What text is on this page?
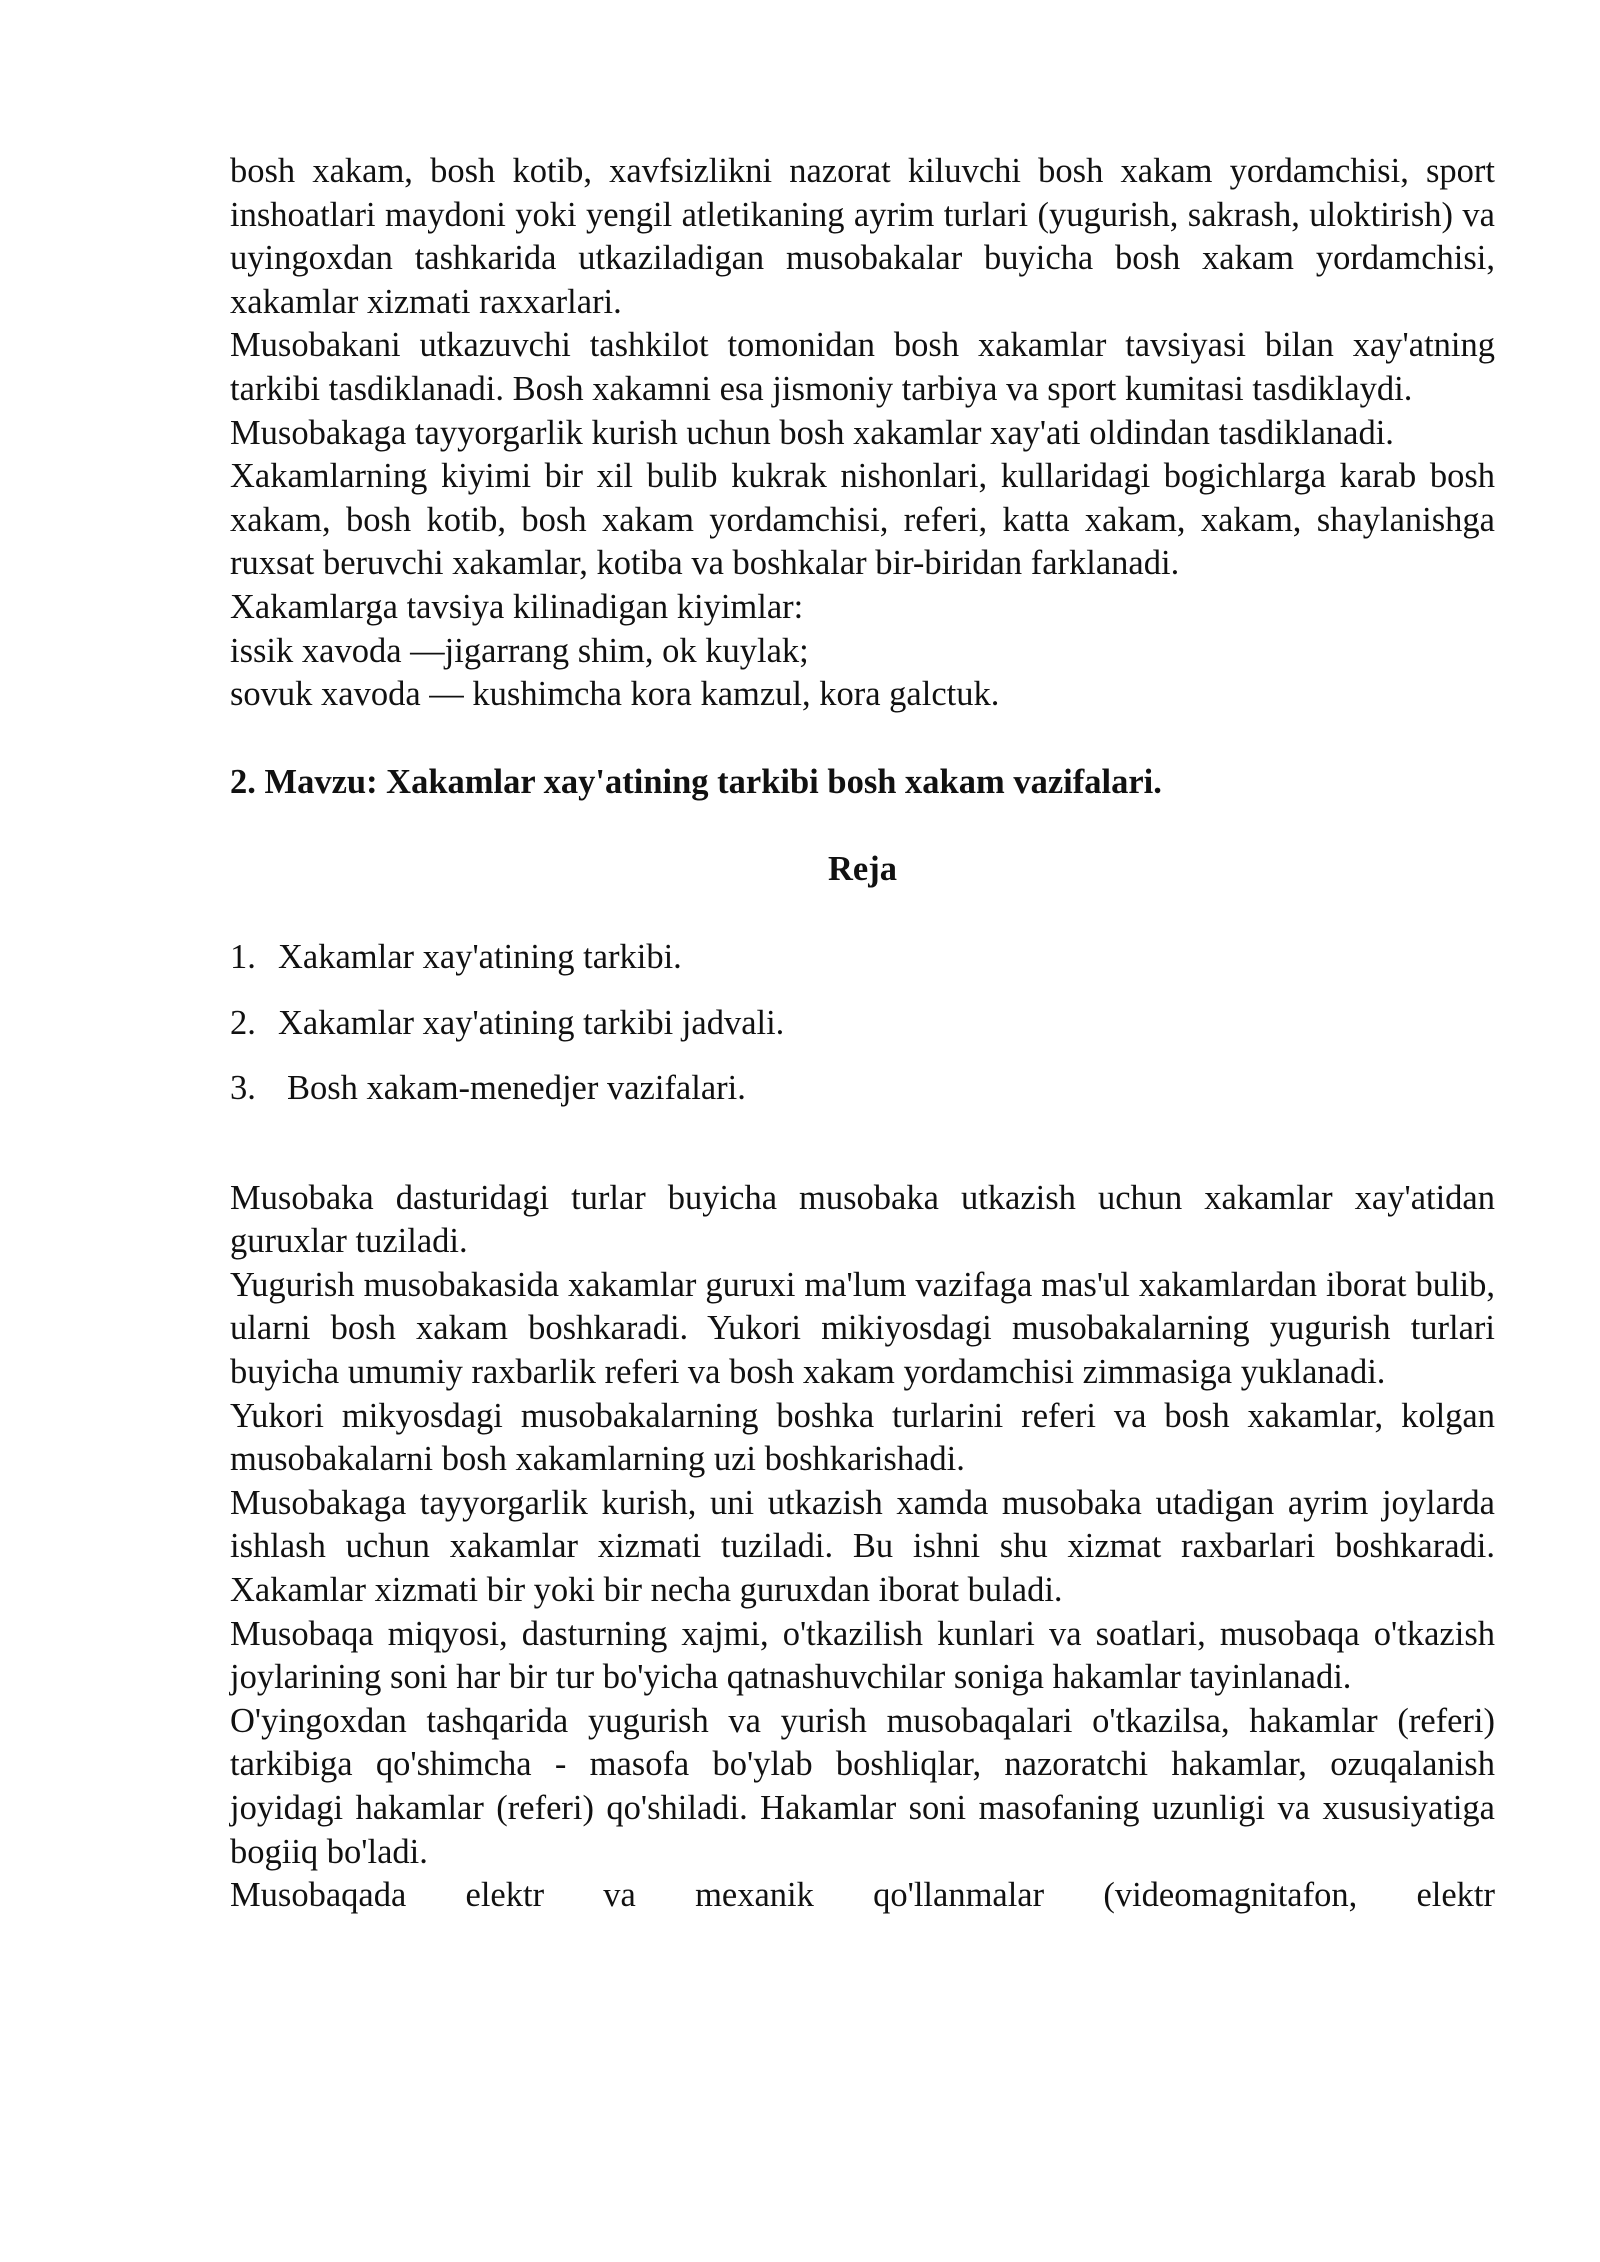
bosh xakam, bosh kotib, xavfsizlikni nazorat kiluvchi bosh xakam yordamchisi, sport inshoatlari maydoni yoki yengil atletikaning ayrim turlari (yugurish, sakrash, uloktirish) va uyingoxdan tashkarida utkaziladigan musobakalar buyicha bosh xakam yordamchisi, xakamlar xizmati raxxarlari.

Musobakani utkazuvchi tashkilot tomonidan bosh xakamlar tavsiyasi bilan xay'atning tarkibi tasdiklanadi. Bosh xakamni esa jismoniy tarbiya va sport kumitasi tasdiklaydi.

Musobakaga tayyorgarlik kurish uchun bosh xakamlar xay'ati oldindan tasdiklanadi.

Xakamlarning kiyimi bir xil bulib kukrak nishonlari, kullaridagi bogichlarga karab bosh xakam, bosh kotib, bosh xakam yordamchisi, referi, katta xakam, xakam, shaylanishga ruxsat beruvchi xakamlar, kotiba va boshkalar bir-biridan farklanadi.

Xakamlarga tavsiya kilinadigan kiyimlar:

issik xavoda —jigarrang shim, ok kuylak;

sovuk xavoda — kushimcha kora kamzul, kora galctuk.

2. Mavzu: Xakamlar xay'atining tarkibi bosh xakam vazifalari.

Reja

1. Xakamlar xay'atining tarkibi.
2. Xakamlar xay'atining tarkibi jadvali.
3. Bosh xakam-menedjer vazifalari.

Musobaka dasturidagi turlar buyicha musobaka utkazish uchun xakamlar xay'atidan guruxlar tuziladi.

Yugurish musobakasida xakamlar guruxi ma'lum vazifaga mas'ul xakamlardan iborat bulib, ularni bosh xakam boshkaradi. Yukori mikiyosdagi musobakalarning yugurish turlari buyicha umumiy raxbarlik referi va bosh xakam yordamchisi zimmasiga yuklanadi.

Yukori mikyosdagi musobakalarning boshka turlarini referi va bosh xakamlar, kolgan musobakalarni bosh xakamlarning uzi boshkarishadi.

Musobakaga tayyorgarlik kurish, uni utkazish xamda musobaka utadigan ayrim joylarda ishlash uchun xakamlar xizmati tuziladi. Bu ishni shu xizmat raxbarlari boshkaradi. Xakamlar xizmati bir yoki bir necha guruxdan iborat buladi.

Musobaqa miqyosi, dasturning xajmi, o'tkazilish kunlari va soatlari, musobaqa o'tkazish joylarining soni har bir tur bo'yicha qatnashuvchilar soniga hakamlar tayinlanadi.

O'yingoxdan tashqarida yugurish va yurish musobaqalari o'tkazilsa, hakamlar (referi) tarkibiga qo'shimcha - masofa bo'ylab boshliqlar, nazoratchi hakamlar, ozuqalanish joyidagi hakamlar (referi) qo'shiladi. Hakamlar soni masofaning uzunligi va xususiyatiga bogiiq bo'ladi.

Musobaqada elektr va mexanik qo'llanmalar (videomagnitafon, elektr
